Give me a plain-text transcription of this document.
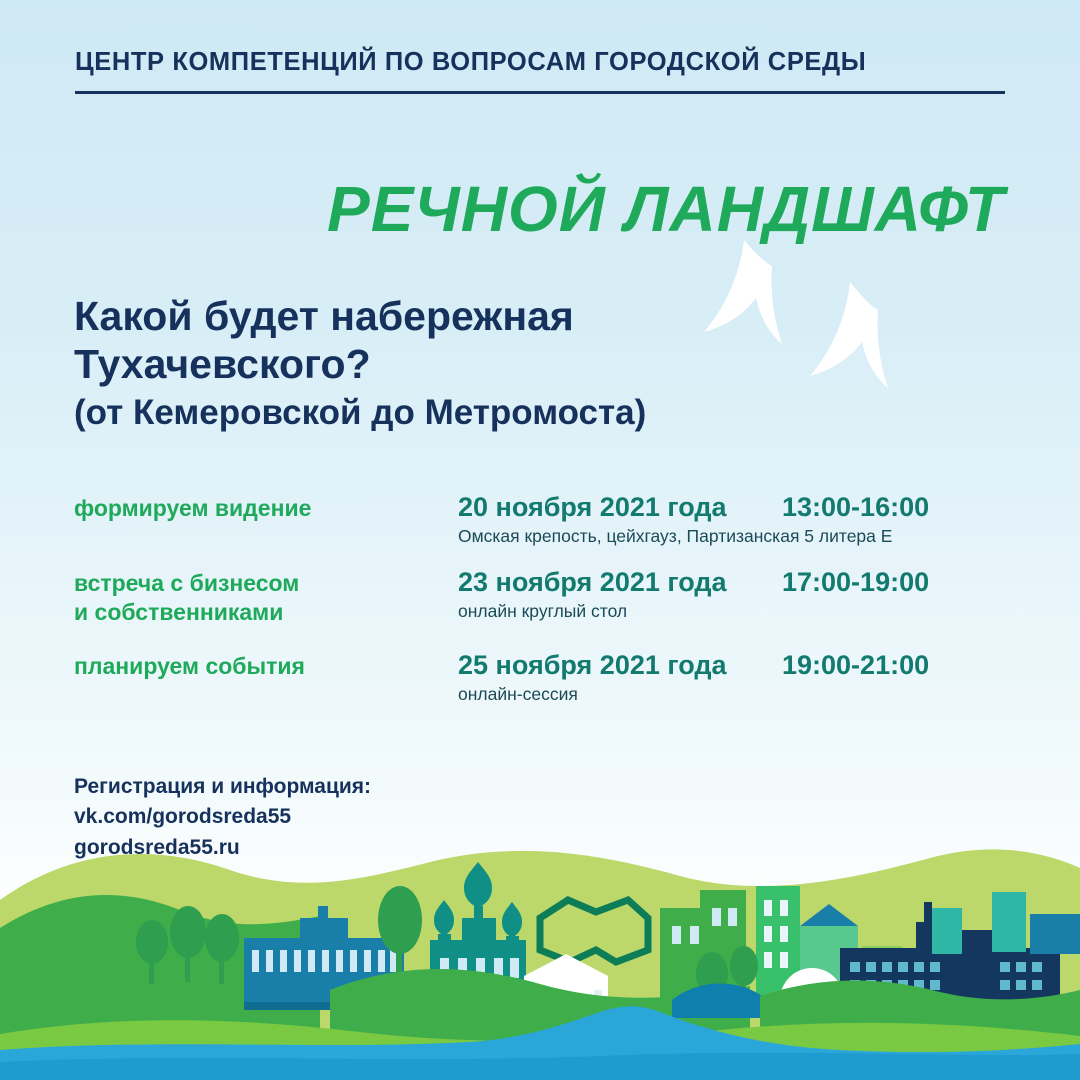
ЦЕНТР КОМПЕТЕНЦИЙ ПО ВОПРОСАМ ГОРОДСКОЙ СРЕДЫ
РЕЧНОЙ ЛАНДШАФТ
Какой будет набережная
Тухачевского?
(от Кемеровской до Метромоста)
формируем видение	20 ноября 2021 года 13:00-16:00
Омская крепость, цейхгауз, Партизанская 5 литера Е
встреча с бизнесом
и собственниками
23 ноября 2021 года 17:00-19:00
онлайн круглый стол
планируем события	25 ноября 2021 года 19:00-21:00
онлайн-сессия
Регистрация и информация:
vk.com/gorodsreda55
gorodsreda55.ru
